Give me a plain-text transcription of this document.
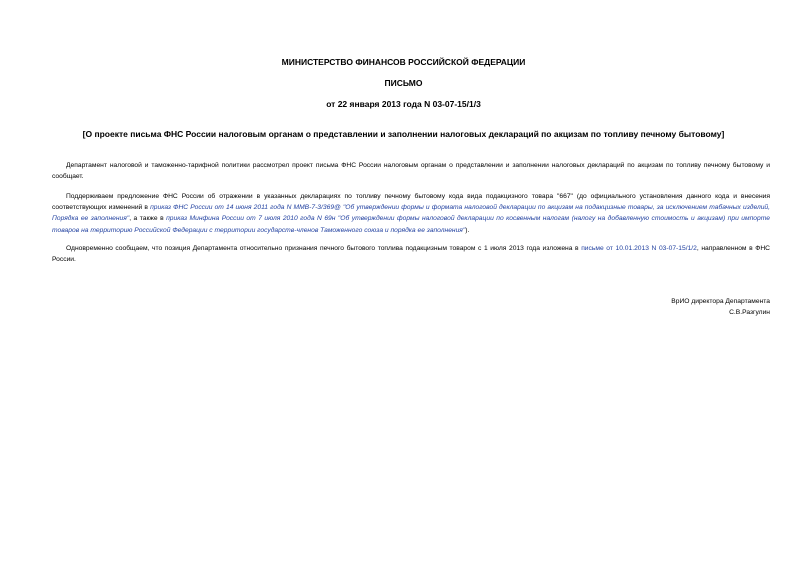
МИНИСТЕРСТВО ФИНАНСОВ РОССИЙСКОЙ ФЕДЕРАЦИИ
ПИСЬМО
от 22 января 2013 года N 03-07-15/1/3
[О проекте письма ФНС России налоговым органам о представлении и заполнении налоговых деклараций по акцизам по топливу печному бытовому]
Департамент налоговой и таможенно-тарифной политики рассмотрел проект письма ФНС России налоговым органам о представлении и заполнении налоговых деклараций по акцизам по топливу печному бытовому и сообщает.
Поддерживаем предложение ФНС России об отражении в указанных декларациях по топливу печному бытовому кода вида подакцизного товара "667" (до официального установления данного кода и внесения соответствующих изменений в приказ ФНС России от 14 июня 2011 года N ММВ-7-3/369@ "Об утверждении формы и формата налоговой декларации по акцизам на подакцизные товары, за исключением табачных изделий, Порядка ее заполнения", а также в приказ Минфина России от 7 июля 2010 года N 69н "Об утверждении формы налоговой декларации по косвенным налогам (налогу на добавленную стоимость и акцизам) при импорте товаров на территорию Российской Федерации с территории государств-членов Таможенного союза и порядка ее заполнения").
Одновременно сообщаем, что позиция Департамента относительно признания печного бытового топлива подакцизным товаром с 1 июля 2013 года изложена в письме от 10.01.2013 N 03-07-15/1/2, направленном в ФНС России.
ВрИО директора Департамента
С.В.Разгулин
